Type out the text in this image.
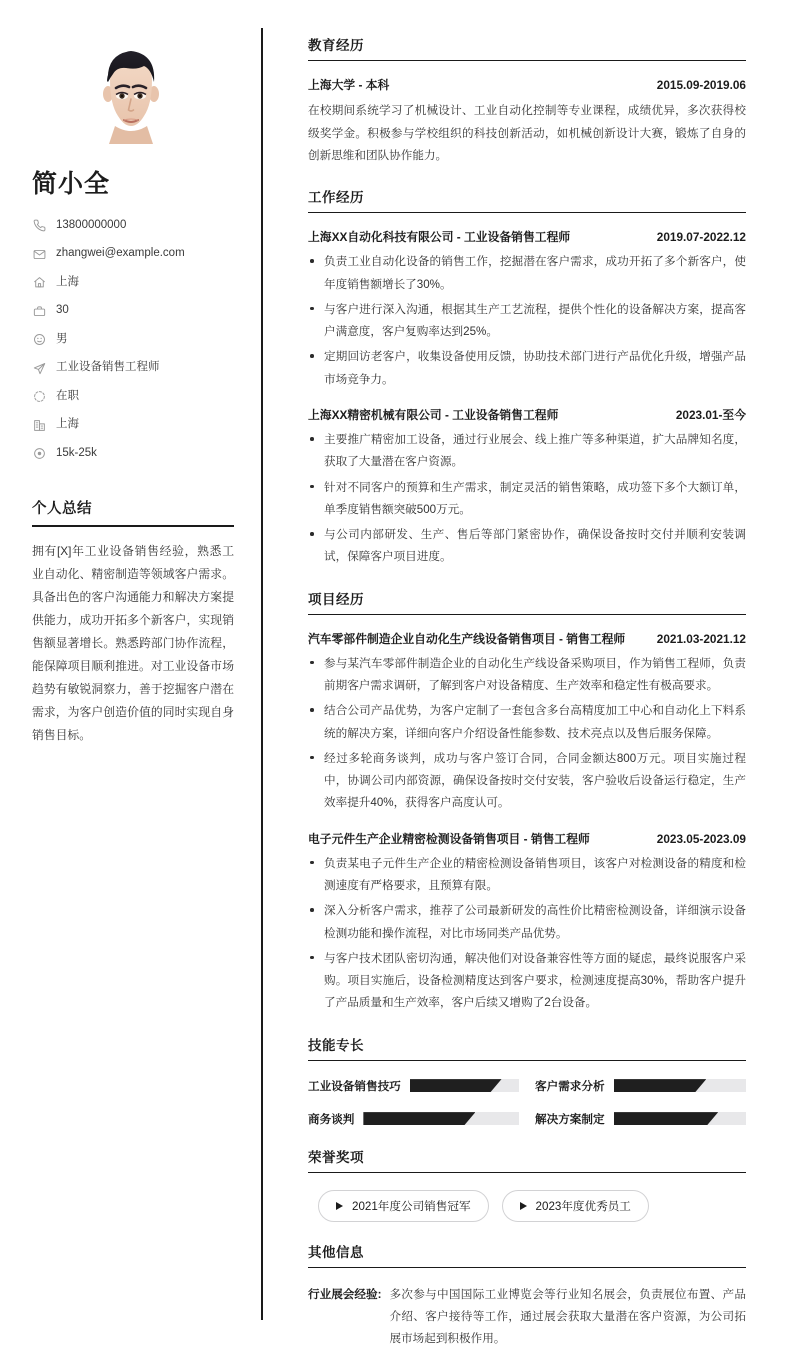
简小全
13800000000
zhangwei@example.com
上海
30
男
工业设备销售工程师
在职
上海
15k-25k
个人总结
拥有[X]年工业设备销售经验，熟悉工业自动化、精密制造等领域客户需求。具备出色的客户沟通能力和解决方案提供能力，成功开拓多个新客户，实现销售额显著增长。熟悉跨部门协作流程，能保障项目顺利推进。对工业设备市场趋势有敏锐洞察力，善于挖掘客户潜在需求，为客户创造价值的同时实现自身销售目标。
教育经历
上海大学 - 本科	2015.09-2019.06
在校期间系统学习了机械设计、工业自动化控制等专业课程，成绩优异，多次获得校级奖学金。积极参与学校组织的科技创新活动，如机械创新设计大赛，锻炼了自身的创新思维和团队协作能力。
工作经历
上海XX自动化科技有限公司 - 工业设备销售工程师	2019.07-2022.12
负责工业自动化设备的销售工作，挖掘潜在客户需求，成功开拓了多个新客户，使年度销售额增长了30%。
与客户进行深入沟通，根据其生产工艺流程，提供个性化的设备解决方案，提高客户满意度，客户复购率达到25%。
定期回访老客户，收集设备使用反馈，协助技术部门进行产品优化升级，增强产品市场竞争力。
上海XX精密机械有限公司 - 工业设备销售工程师	2023.01-至今
主要推广精密加工设备，通过行业展会、线上推广等多种渠道，扩大品牌知名度，获取了大量潜在客户资源。
针对不同客户的预算和生产需求，制定灵活的销售策略，成功签下多个大额订单，单季度销售额突破500万元。
与公司内部研发、生产、售后等部门紧密协作，确保设备按时交付并顺利安装调试，保障客户项目进度。
项目经历
汽车零部件制造企业自动化生产线设备销售项目 - 销售工程师	2021.03-2021.12
参与某汽车零部件制造企业的自动化生产线设备采购项目，作为销售工程师，负责前期客户需求调研，了解到客户对设备精度、生产效率和稳定性有极高要求。
结合公司产品优势，为客户定制了一套包含多台高精度加工中心和自动化上下料系统的解决方案，详细向客户介绍设备性能参数、技术亮点以及售后服务保障。
经过多轮商务谈判，成功与客户签订合同，合同金额达800万元。项目实施过程中，协调公司内部资源，确保设备按时交付安装，客户验收后设备运行稳定，生产效率提升40%，获得客户高度认可。
电子元件生产企业精密检测设备销售项目 - 销售工程师	2023.05-2023.09
负责某电子元件生产企业的精密检测设备销售项目，该客户对检测设备的精度和检测速度有严格要求，且预算有限。
深入分析客户需求，推荐了公司最新研发的高性价比精密检测设备，详细演示设备检测功能和操作流程，对比市场同类产品优势。
与客户技术团队密切沟通，解决他们对设备兼容性等方面的疑虑，最终说服客户采购。项目实施后，设备检测精度达到客户要求，检测速度提高30%，帮助客户提升了产品质量和生产效率，客户后续又增购了2台设备。
技能专长
工业设备销售技巧	客户需求分析
商务谈判	解决方案制定
荣誉奖项
2021年度公司销售冠军	2023年度优秀员工
其他信息
行业展会经验: 多次参与中国国际工业博览会等行业知名展会，负责展位布置、产品介绍、客户接待等工作，通过展会获取大量潜在客户资源，为公司拓展市场起到积极作用。
